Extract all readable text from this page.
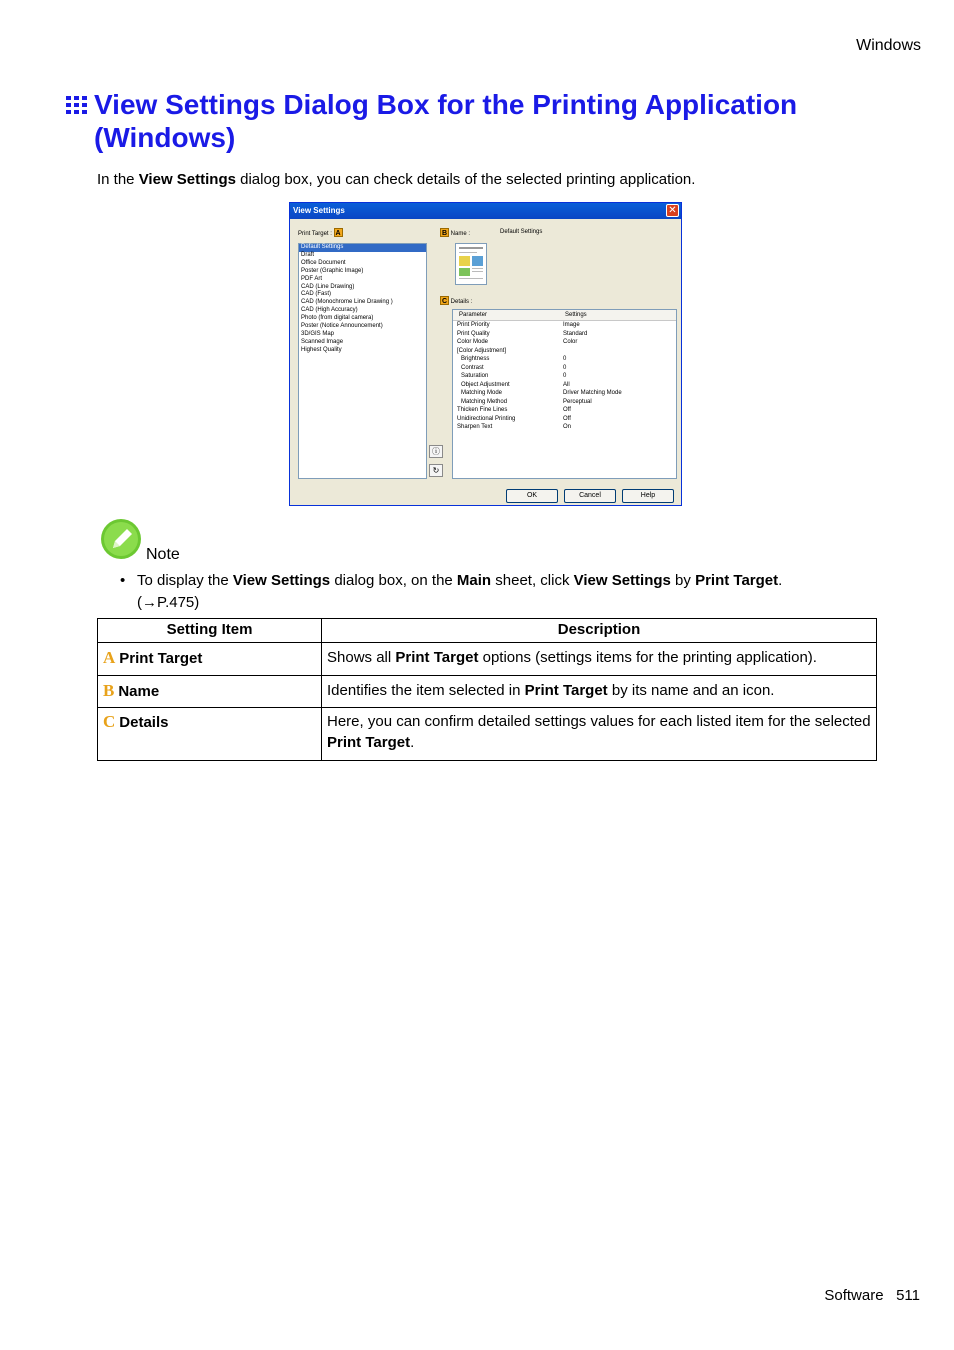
Windows
View Settings Dialog Box for the Printing Application (Windows)
In the View Settings dialog box, you can check details of the selected printing application.
View Settings	✕
Print Target : A
Default Settings
Draft
Office Document
Poster (Graphic Image)
PDF Art
CAD (Line Drawing)
CAD (Fast)
CAD (Monochrome Line Drawing )
CAD (High Accuracy)
Photo (from digital camera)
Poster (Notice Announcement)
3D/GIS Map
Scanned Image
Highest Quality
B Name :	Default Settings
C Details :
Parameter	Settings
Print Priority	Image
Print Quality	Standard
Color Mode	Color
[Color Adjustment]
Brightness	0
Contrast	0
Saturation	0
Object Adjustment	All
Matching Mode	Driver Matching Mode
Matching Method	Perceptual
Thicken Fine Lines	Off
Unidirectional Printing	Off
Sharpen Text	On
ⓘ
↻
OK	Cancel	Help
Note
• To display the View Settings dialog box, on the Main sheet, click View Settings by Print Target.
(→P.475)
Setting Item	Description
A Print Target	Shows all Print Target options (settings items for the printing application).
B Name	Identifies the item selected in Print Target by its name and an icon.
C Details	Here, you can confirm detailed settings values for each listed item for the selected Print Target.
Software 511
